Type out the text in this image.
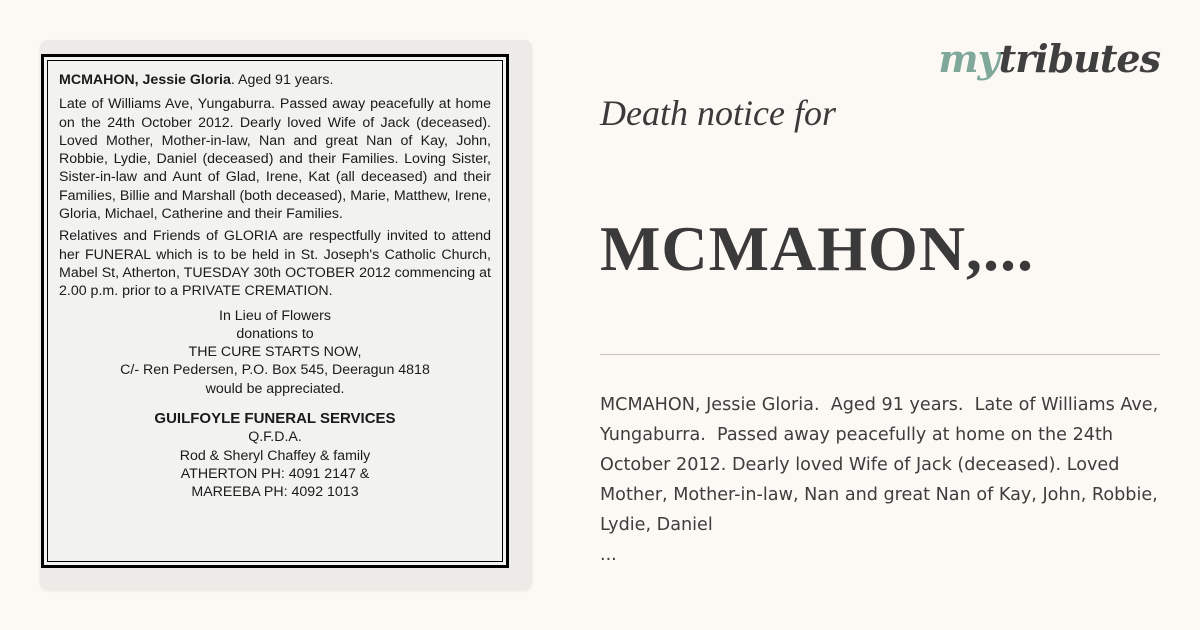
MCMAHON, Jessie Gloria. Aged 91 years.

Late of Williams Ave, Yungaburra. Passed away peacefully at home on the 24th October 2012. Dearly loved Wife of Jack (deceased). Loved Mother, Mother-in-law, Nan and great Nan of Kay, John, Robbie, Lydie, Daniel (deceased) and their Families. Loving Sister, Sister-in-law and Aunt of Glad, Irene, Kat (all deceased) and their Families, Billie and Marshall (both deceased), Marie, Matthew, Irene, Gloria, Michael, Catherine and their Families.

Relatives and Friends of GLORIA are respectfully invited to attend her FUNERAL which is to be held in St. Joseph's Catholic Church, Mabel St, Atherton, TUESDAY 30th OCTOBER 2012 commencing at 2.00 p.m. prior to a PRIVATE CREMATION.

In Lieu of Flowers

donations to

THE CURE STARTS NOW,

C/- Ren Pedersen, P.O. Box 545, Deeragun 4818

would be appreciated.

GUILFOYLE FUNERAL SERVICES

Q.F.D.A.

Rod & Sheryl Chaffey & family

ATHERTON PH: 4091 2147 &

MAREEBA PH: 4092 1013

mytributes
Death notice for
MCMAHON,...
MCMAHON, Jessie Gloria.  Aged 91 years.  Late of Williams Ave, Yungaburra.  Passed away peacefully at home on the 24th October 2012. Dearly loved Wife of Jack (deceased). Loved Mother, Mother-in-law, Nan and great Nan of Kay, John, Robbie, Lydie, Daniel
...
